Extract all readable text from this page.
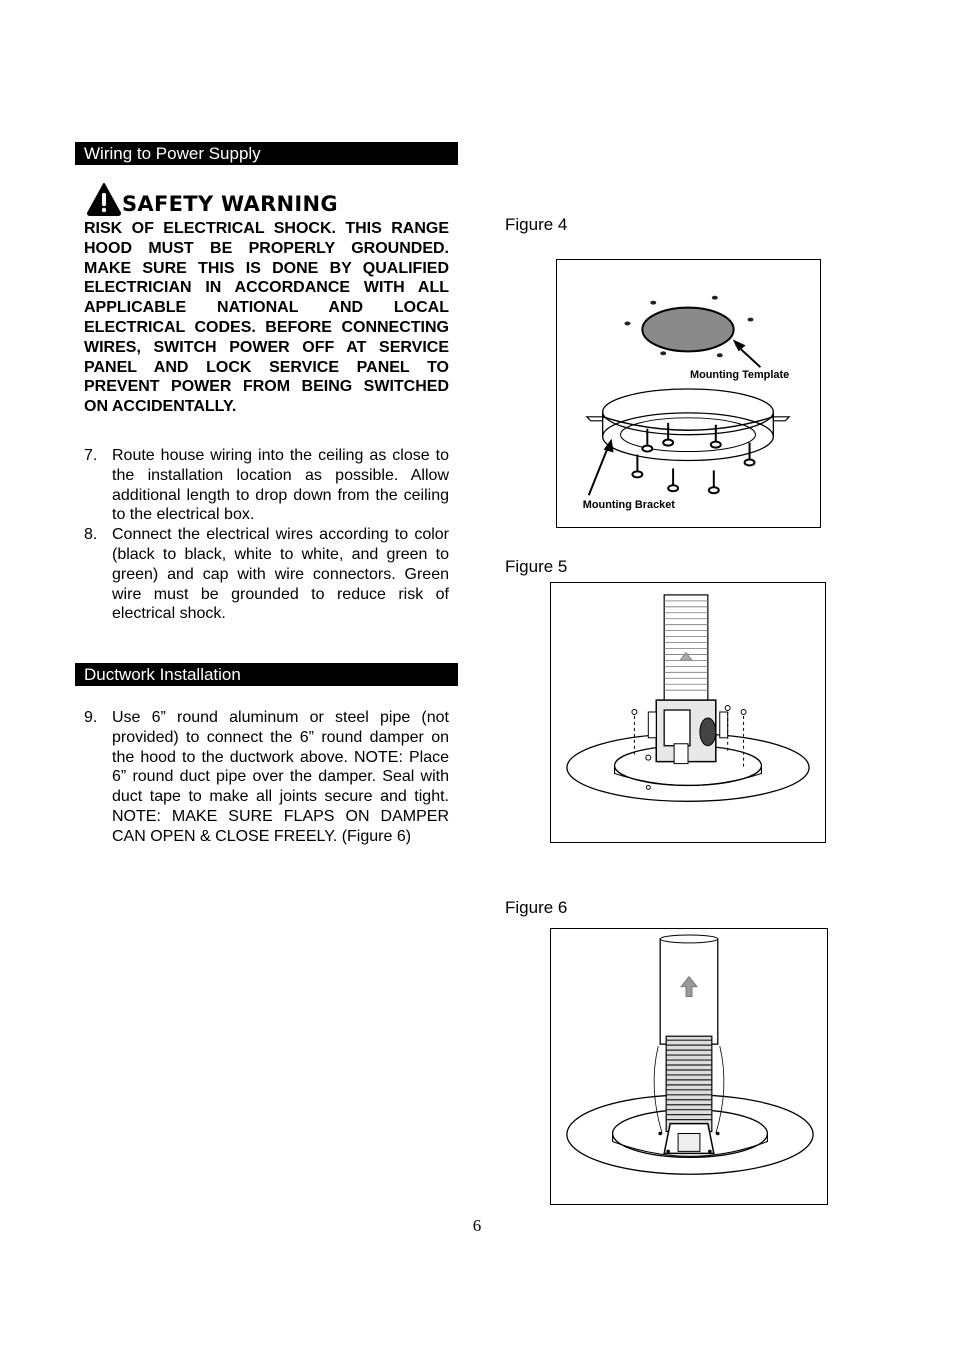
Wiring to Power Supply
SAFETY WARNING
RISK OF ELECTRICAL SHOCK. THIS RANGE HOOD MUST BE PROPERLY GROUNDED. MAKE SURE THIS IS DONE BY QUALIFIED ELECTRICIAN IN ACCORDANCE WITH ALL APPLICABLE NATIONAL AND LOCAL ELECTRICAL CODES. BEFORE CONNECTING WIRES, SWITCH POWER OFF AT SERVICE PANEL AND LOCK SERVICE PANEL TO PREVENT POWER FROM BEING SWITCHED ON ACCIDENTALLY.
7. Route house wiring into the ceiling as close to the installation location as possible. Allow additional length to drop down from the ceiling to the electrical box.
8. Connect the electrical wires according to color (black to black, white to white, and green to green) and cap with wire connectors. Green wire must be grounded to reduce risk of electrical shock.
Ductwork Installation
9. Use 6” round aluminum or steel pipe (not provided) to connect the 6” round damper on the hood to the ductwork above. NOTE: Place 6” round duct pipe over the damper. Seal with duct tape to make all joints secure and tight. NOTE: MAKE SURE FLAPS ON DAMPER CAN OPEN & CLOSE FREELY. (Figure 6)
Figure 4
Mounting Template
Mounting Bracket
Figure 5
Figure 6
6
